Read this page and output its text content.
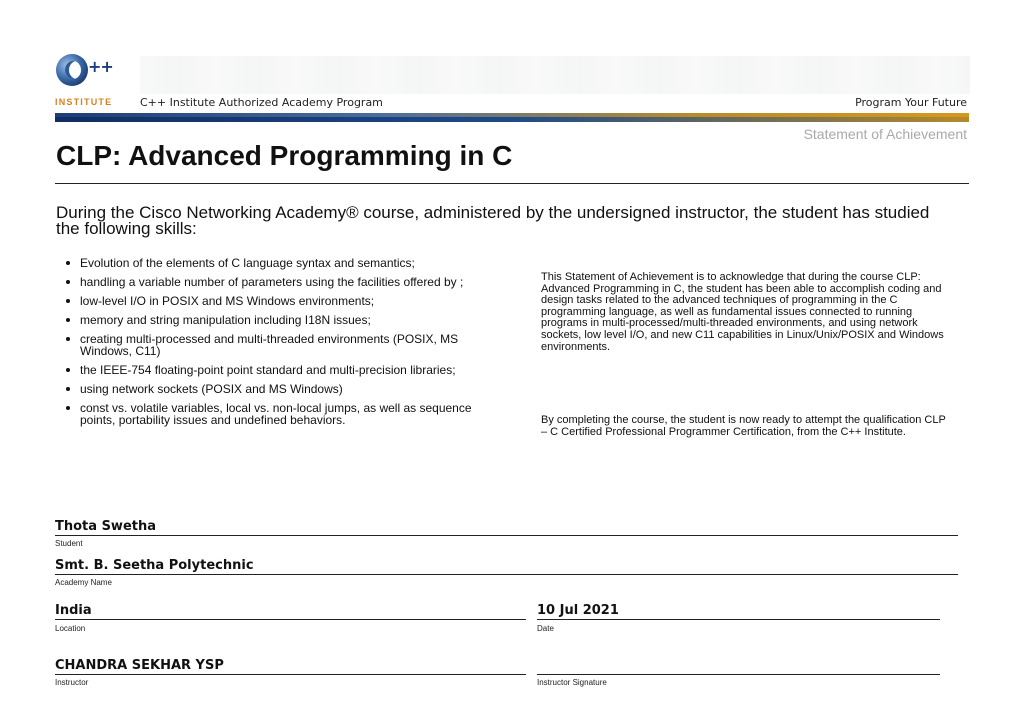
++
INSTITUTE	C++ Institute Authorized Academy Program	Program Your Future
Statement of Achievement
CLP: Advanced Programming in C
During the Cisco Networking Academy® course, administered by the undersigned instructor, the student has studied the following skills:
Evolution of the elements of C language syntax and semantics;
handling a variable number of parameters using the facilities offered by ;
low-level I/O in POSIX and MS Windows environments;
memory and string manipulation including I18N issues;
creating multi-processed and multi-threaded environments (POSIX, MS Windows, C11)
the IEEE-754 floating-point point standard and multi-precision libraries;
using network sockets (POSIX and MS Windows)
const vs. volatile variables, local vs. non-local jumps, as well as sequence points, portability issues and undefined behaviors.

This Statement of Achievement is to acknowledge that during the course CLP: Advanced Programming in C, the student has been able to accomplish coding and design tasks related to the advanced techniques of programming in the C programming language, as well as fundamental issues connected to running programs in multi-processed/multi-threaded environments, and using network sockets, low level I/O, and new C11 capabilities in Linux/Unix/POSIX and Windows environments.

By completing the course, the student is now ready to attempt the qualification CLP – C Certified Professional Programmer Certification, from the C++ Institute.

Thota Swetha
Student
Smt. B. Seetha Polytechnic
Academy Name
India
Location
10 Jul 2021
Date
CHANDRA SEKHAR YSP
Instructor	Instructor Signature
